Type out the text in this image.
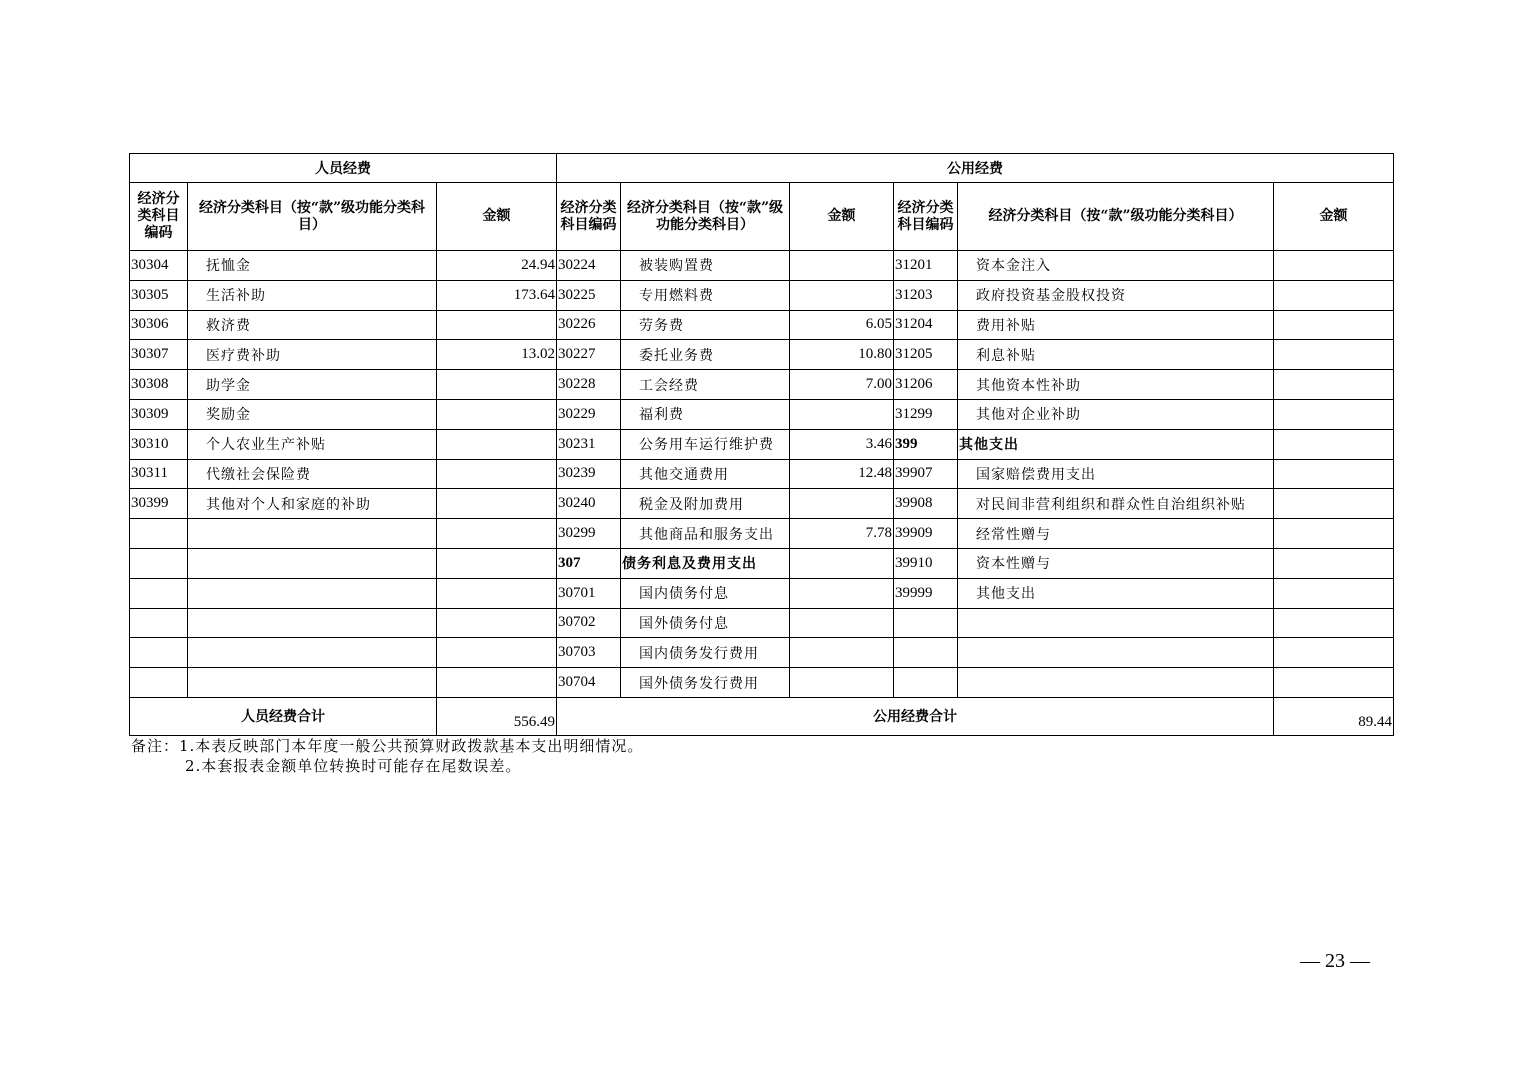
人员经费			公用经费					
经济分类科目编码	经济分类科目（按“款”级功能分类科目）	金额	经济分类科目编码	经济分类科目（按“款”级功能分类科目）	金额	经济分类科目编码	经济分类科目（按“款”级功能分类科目）	金额
30304	抚恤金	24.94	30224	被装购置费		31201	资本金注入	
30305	生活补助	173.64	30225	专用燃料费		31203	政府投资基金股权投资	
30306	救济费		30226	劳务费	6.05	31204	费用补贴	
30307	医疗费补助	13.02	30227	委托业务费	10.80	31205	利息补贴	
30308	助学金		30228	工会经费	7.00	31206	其他资本性补助	
30309	奖励金		30229	福利费		31299	其他对企业补助	
30310	个人农业生产补贴		30231	公务用车运行维护费	3.46	399	其他支出	
30311	代缴社会保险费		30239	其他交通费用	12.48	39907	国家赔偿费用支出	
30399	其他对个人和家庭的补助		30240	税金及附加费用		39908	对民间非营利组织和群众性自治组织补贴	
			30299	其他商品和服务支出	7.78	39909	经常性赠与	
			307	债务利息及费用支出		39910	资本性赠与	
			30701	国内债务付息		39999	其他支出	
			30702	国外债务付息				
			30703	国内债务发行费用				
			30704	国外债务发行费用				
人员经费合计		556.49	公用经费合计					89.44
备注：1.本表反映部门本年度一般公共预算财政拨款基本支出明细情况。
2.本套报表金额单位转换时可能存在尾数误差。
— 23 —
